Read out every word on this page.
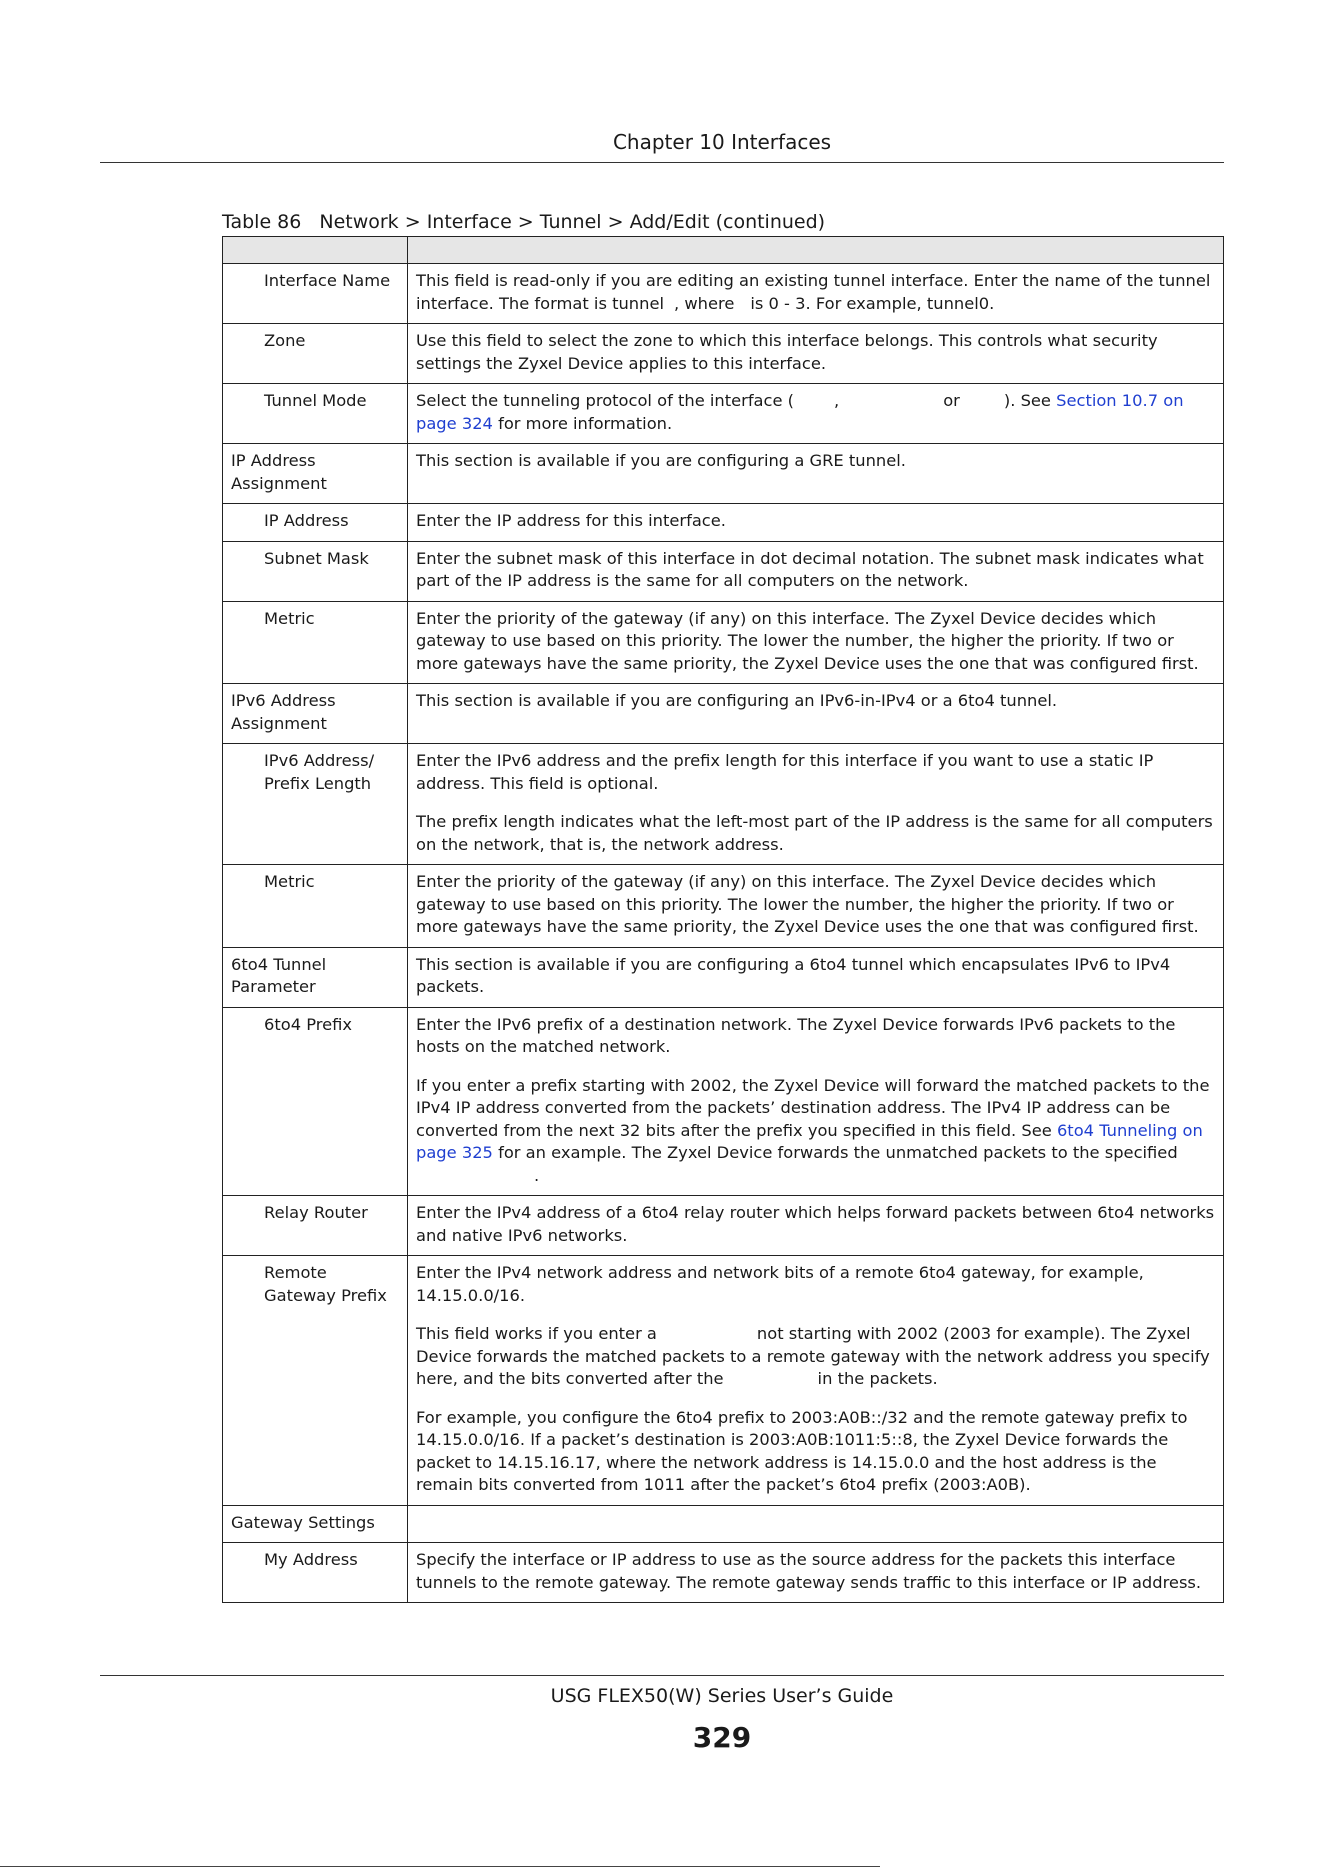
Chapter 10 Interfaces
Table 86 Network > Interface > Tunnel > Add/Edit (continued)

Interface Name	This field is read-only if you are editing an existing tunnel interface. Enter the name of the tunnel interface. The format is tunnel , where is 0 - 3. For example, tunnel0.
Zone	Use this field to select the zone to which this interface belongs. This controls what security settings the Zyxel Device applies to this interface.
Tunnel Mode	Select the tunneling protocol of the interface ( , or ). See Section 10.7 on page 324 for more information.
IP Address Assignment	This section is available if you are configuring a GRE tunnel.
IP Address	Enter the IP address for this interface.
Subnet Mask	Enter the subnet mask of this interface in dot decimal notation. The subnet mask indicates what part of the IP address is the same for all computers on the network.
Metric	Enter the priority of the gateway (if any) on this interface. The Zyxel Device decides which gateway to use based on this priority. The lower the number, the higher the priority. If two or more gateways have the same priority, the Zyxel Device uses the one that was configured first.
IPv6 Address Assignment	This section is available if you are configuring an IPv6-in-IPv4 or a 6to4 tunnel.
IPv6 Address/ Prefix Length	Enter the IPv6 address and the prefix length for this interface if you want to use a static IP address. This field is optional.

The prefix length indicates what the left-most part of the IP address is the same for all computers on the network, that is, the network address.

Metric	Enter the priority of the gateway (if any) on this interface. The Zyxel Device decides which gateway to use based on this priority. The lower the number, the higher the priority. If two or more gateways have the same priority, the Zyxel Device uses the one that was configured first.
6to4 Tunnel Parameter	This section is available if you are configuring a 6to4 tunnel which encapsulates IPv6 to IPv4 packets.
6to4 Prefix	Enter the IPv6 prefix of a destination network. The Zyxel Device forwards IPv6 packets to the hosts on the matched network.

If you enter a prefix starting with 2002, the Zyxel Device will forward the matched packets to the IPv4 IP address converted from the packets’ destination address. The IPv4 IP address can be converted from the next 32 bits after the prefix you specified in this field. See 6to4 Tunneling on page 325 for an example. The Zyxel Device forwards the unmatched packets to the specified.

Relay Router	Enter the IPv4 address of a 6to4 relay router which helps forward packets between 6to4 networks and native IPv6 networks.
Remote Gateway Prefix	Enter the IPv4 network address and network bits of a remote 6to4 gateway, for example, 14.15.0.0/16.

This field works if you enter a not starting with 2002 (2003 for example). The Zyxel Device forwards the matched packets to a remote gateway with the network address you specify here, and the bits converted after the in the packets.

For example, you configure the 6to4 prefix to 2003:A0B::/32 and the remote gateway prefix to 14.15.0.0/16. If a packet’s destination is 2003:A0B:1011:5::8, the Zyxel Device forwards the packet to 14.15.16.17, where the network address is 14.15.0.0 and the host address is the remain bits converted from 1011 after the packet’s 6to4 prefix (2003:A0B).

Gateway Settings	
My Address	Specify the interface or IP address to use as the source address for the packets this interface tunnels to the remote gateway. The remote gateway sends traffic to this interface or IP address.
USG FLEX50(W) Series User’s Guide
329
